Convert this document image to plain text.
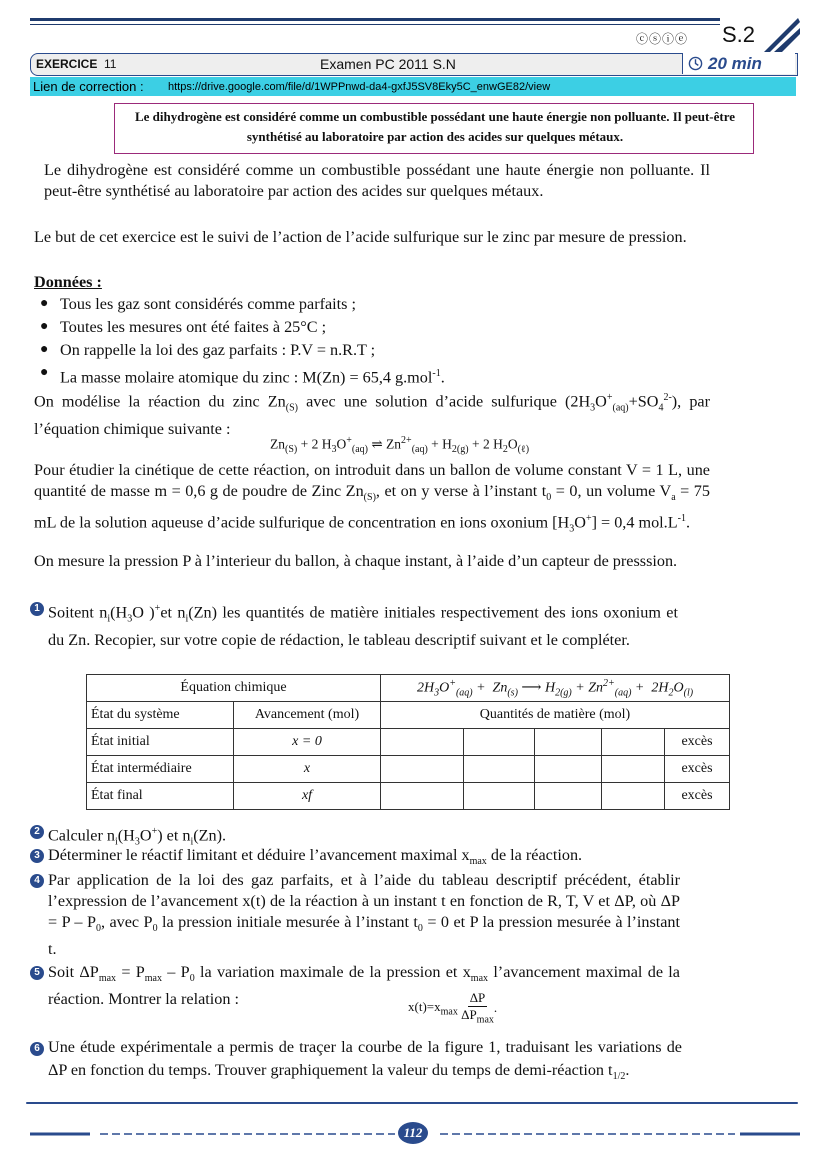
ⓒⓢⓘⓔ S.2
EXERCICE 11	Examen PC 2011 S.N	20 min
Lien de correction : https://drive.google.com/file/d/1WPPnwd-da4-gxfJ5SV8Eky5C_enwGE82/view
Le dihydrogène est considéré comme un combustible possédant une haute énergie non polluante. Il peut-être synthétisé au laboratoire par action des acides sur quelques métaux.
Le dihydrogène est considéré comme un combustible possédant une haute énergie non polluante. Il peut-être synthétisé au laboratoire par action des acides sur quelques métaux.
Le but de cet exercice est le suivi de l’action de l’acide sulfurique sur le zinc par mesure de pression.
Données :
● Tous les gaz sont considérés comme parfaits ;
● Toutes les mesures ont été faites à 25°C ;
● On rappelle la loi des gaz parfaits : P.V = n.R.T ;
● La masse molaire atomique du zinc : M(Zn) = 65,4 g.mol$^{-1}$.
On modélise la réaction du zinc $Zn_{(S)}$ avec une solution d’acide sulfurique $(2H_3O^+_{(aq)}+SO_4^{2-})$, par l’équation chimique suivante :
$Zn_{(S)} + 2$ $H_3O^+_{(aq)}$ ⇌ $Zn^{2+}_{(aq)} + H_{2(g)} + 2$ $H_2O_{(\ell)}$
Pour étudier la cinétique de cette réaction, on introduit dans un ballon de volume constant V = 1 L, une quantité de masse m = 0,6 g de poudre de Zinc $Zn_{(S)}$, et on y verse à l’instant $t_0 = 0$, un volume $V_a = 75$ mL de la solution aqueuse d’acide sulfurique de concentration en ions oxonium $[H_3O^+] = 0,4$ $mol.L^{-1}$.
On mesure la pression P à l’interieur du ballon, à chaque instant, à l’aide d’un capteur de presssion.
1 Soitent $n_i(H_3O$ )+et $n_i(Zn)$ les quantités de matière initiales respectivement des ions oxonium et du Zn. Recopier, sur votre copie de rédaction, le tableau descriptif suivant et le compléter.
Équation chimique		$2H_3O^+_{(aq)} + Zn_{(s)}$ ⟶ $H_{2(g)} + Zn^{2+}_{(aq)} + 2H_2O_{(l)}$
État du système	Avancement (mol)	Quantités de matière (mol)				
État initial	x = 0					excès
État intermédiaire	x					excès
État final	xf					excès
2 Calculer $n_i(H_3O^+)$ et $n_i(Zn)$.
3 Déterminer le réactif limitant et déduire l’avancement maximal $x_{max}$ de la réaction.
4 Par application de la loi des gaz parfaits, et à l’aide du tableau descriptif précédent, établir l’expression de l’avancement x(t) de la réaction à un instant t en fonction de R, T, V et ΔP, où $\Delta P = P - P_0$, avec $P_0$ la pression initiale mesurée à l’instant $t_0 = 0$ et P la pression mesurée à l’instant t.
5 Soit $\Delta P_{max} = P_{max} - P_0$ la variation maximale de la pression et $x_{max}$ l’avancement maximal de la réaction. Montrer la relation :	$x(t)=x_{max}$
ΔP
$\Delta P_{max}$
.
6 Une étude expérimentale a permis de traçer la courbe de la figure 1, traduisant les variations de ΔP en fonction du temps. Trouver graphiquement la valeur du temps de demi-réaction $t_{1/2}$.
112
